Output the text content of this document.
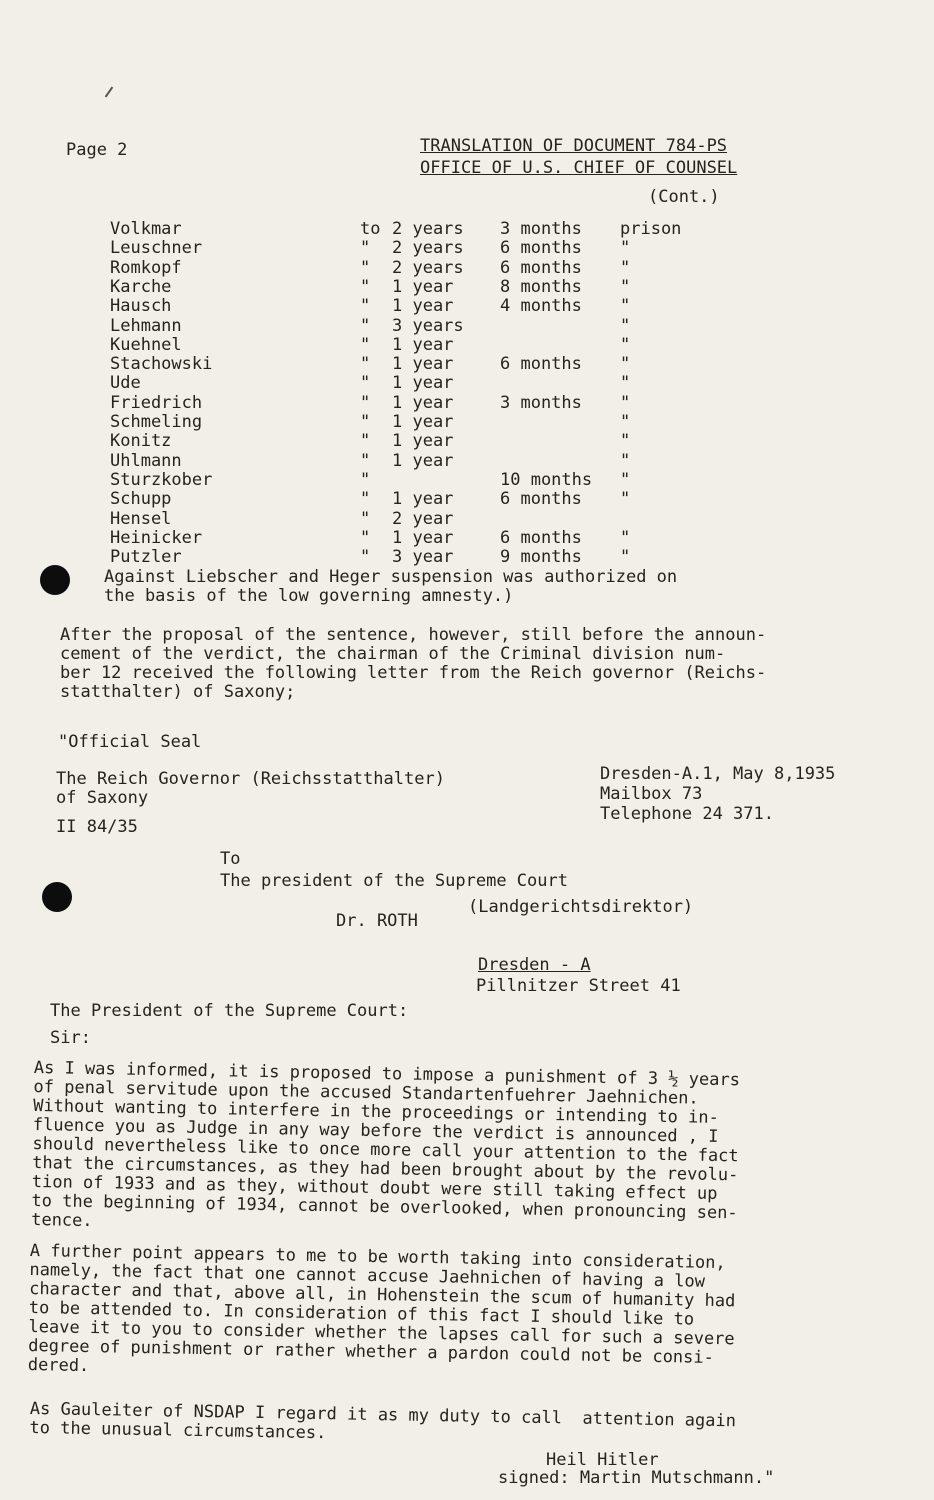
Page 2	TRANSLATION OF DOCUMENT 784-PS
OFFICE OF U.S. CHIEF OF COUNSEL
(Cont.)
Volkmar	to 2 years 3 months prison
Leuschner	" 2 years 6 months "
Romkopf	" 2 years 6 months "
Karche	" 1 year	8 months "
Hausch	" 1 year	4 months "
Lehmann	" 3 years	"
Kuehnel	" 1 year	"
Stachowski	" 1 year	6 months "
Ude	" 1 year	"
Friedrich	" 1 year	3 months "
Schmeling	" 1 year	"
Konitz	" 1 year	"
Uhlmann	" 1 year	"
Sturzkober	"	10 months "
Schupp	" 1 year	6 months "
Hensel	" 2 year
Heinicker	" 1 year	6 months "
Putzler	" 3 year	9 months "
Against Liebscher and Heger suspension was authorized on
the basis of the low governing amnesty.)
After the proposal of the sentence, however, still before the announ-
cement of the verdict, the chairman of the Criminal division num-
ber 12 received the following letter from the Reich governor (Reichs-
statthalter) of Saxony;
"Official Seal
The Reich Governor (Reichsstatthalter)
of Saxony
II 84/35
Dresden-A.1, May 8,1935
Mailbox 73
Telephone 24 371.
To
The president of the Supreme Court
(Landgerichtsdirektor)
Dr. ROTH
Dresden - A
Pillnitzer Street 41
The President of the Supreme Court:
Sir:
As I was informed, it is proposed to impose a punishment of 3 ½ years
of penal servitude upon the accused Standartenfuehrer Jaehnichen.
Without wanting to interfere in the proceedings or intending to in-
fluence you as Judge in any way before the verdict is announced , I
should nevertheless like to once more call your attention to the fact
that the circumstances, as they had been brought about by the revolu-
tion of 1933 and as they, without doubt were still taking effect up
to the beginning of 1934, cannot be overlooked, when pronouncing sen-
tence.
A further point appears to me to be worth taking into consideration,
namely, the fact that one cannot accuse Jaehnichen of having a low
character and that, above all, in Hohenstein the scum of humanity had
to be attended to. In consideration of this fact I should like to
leave it to you to consider whether the lapses call for such a severe
degree of punishment or rather whether a pardon could not be consi-
dered.
As Gauleiter of NSDAP I regard it as my duty to call  attention again
to the unusual circumstances.
Heil Hitler
signed: Martin Mutschmann."
